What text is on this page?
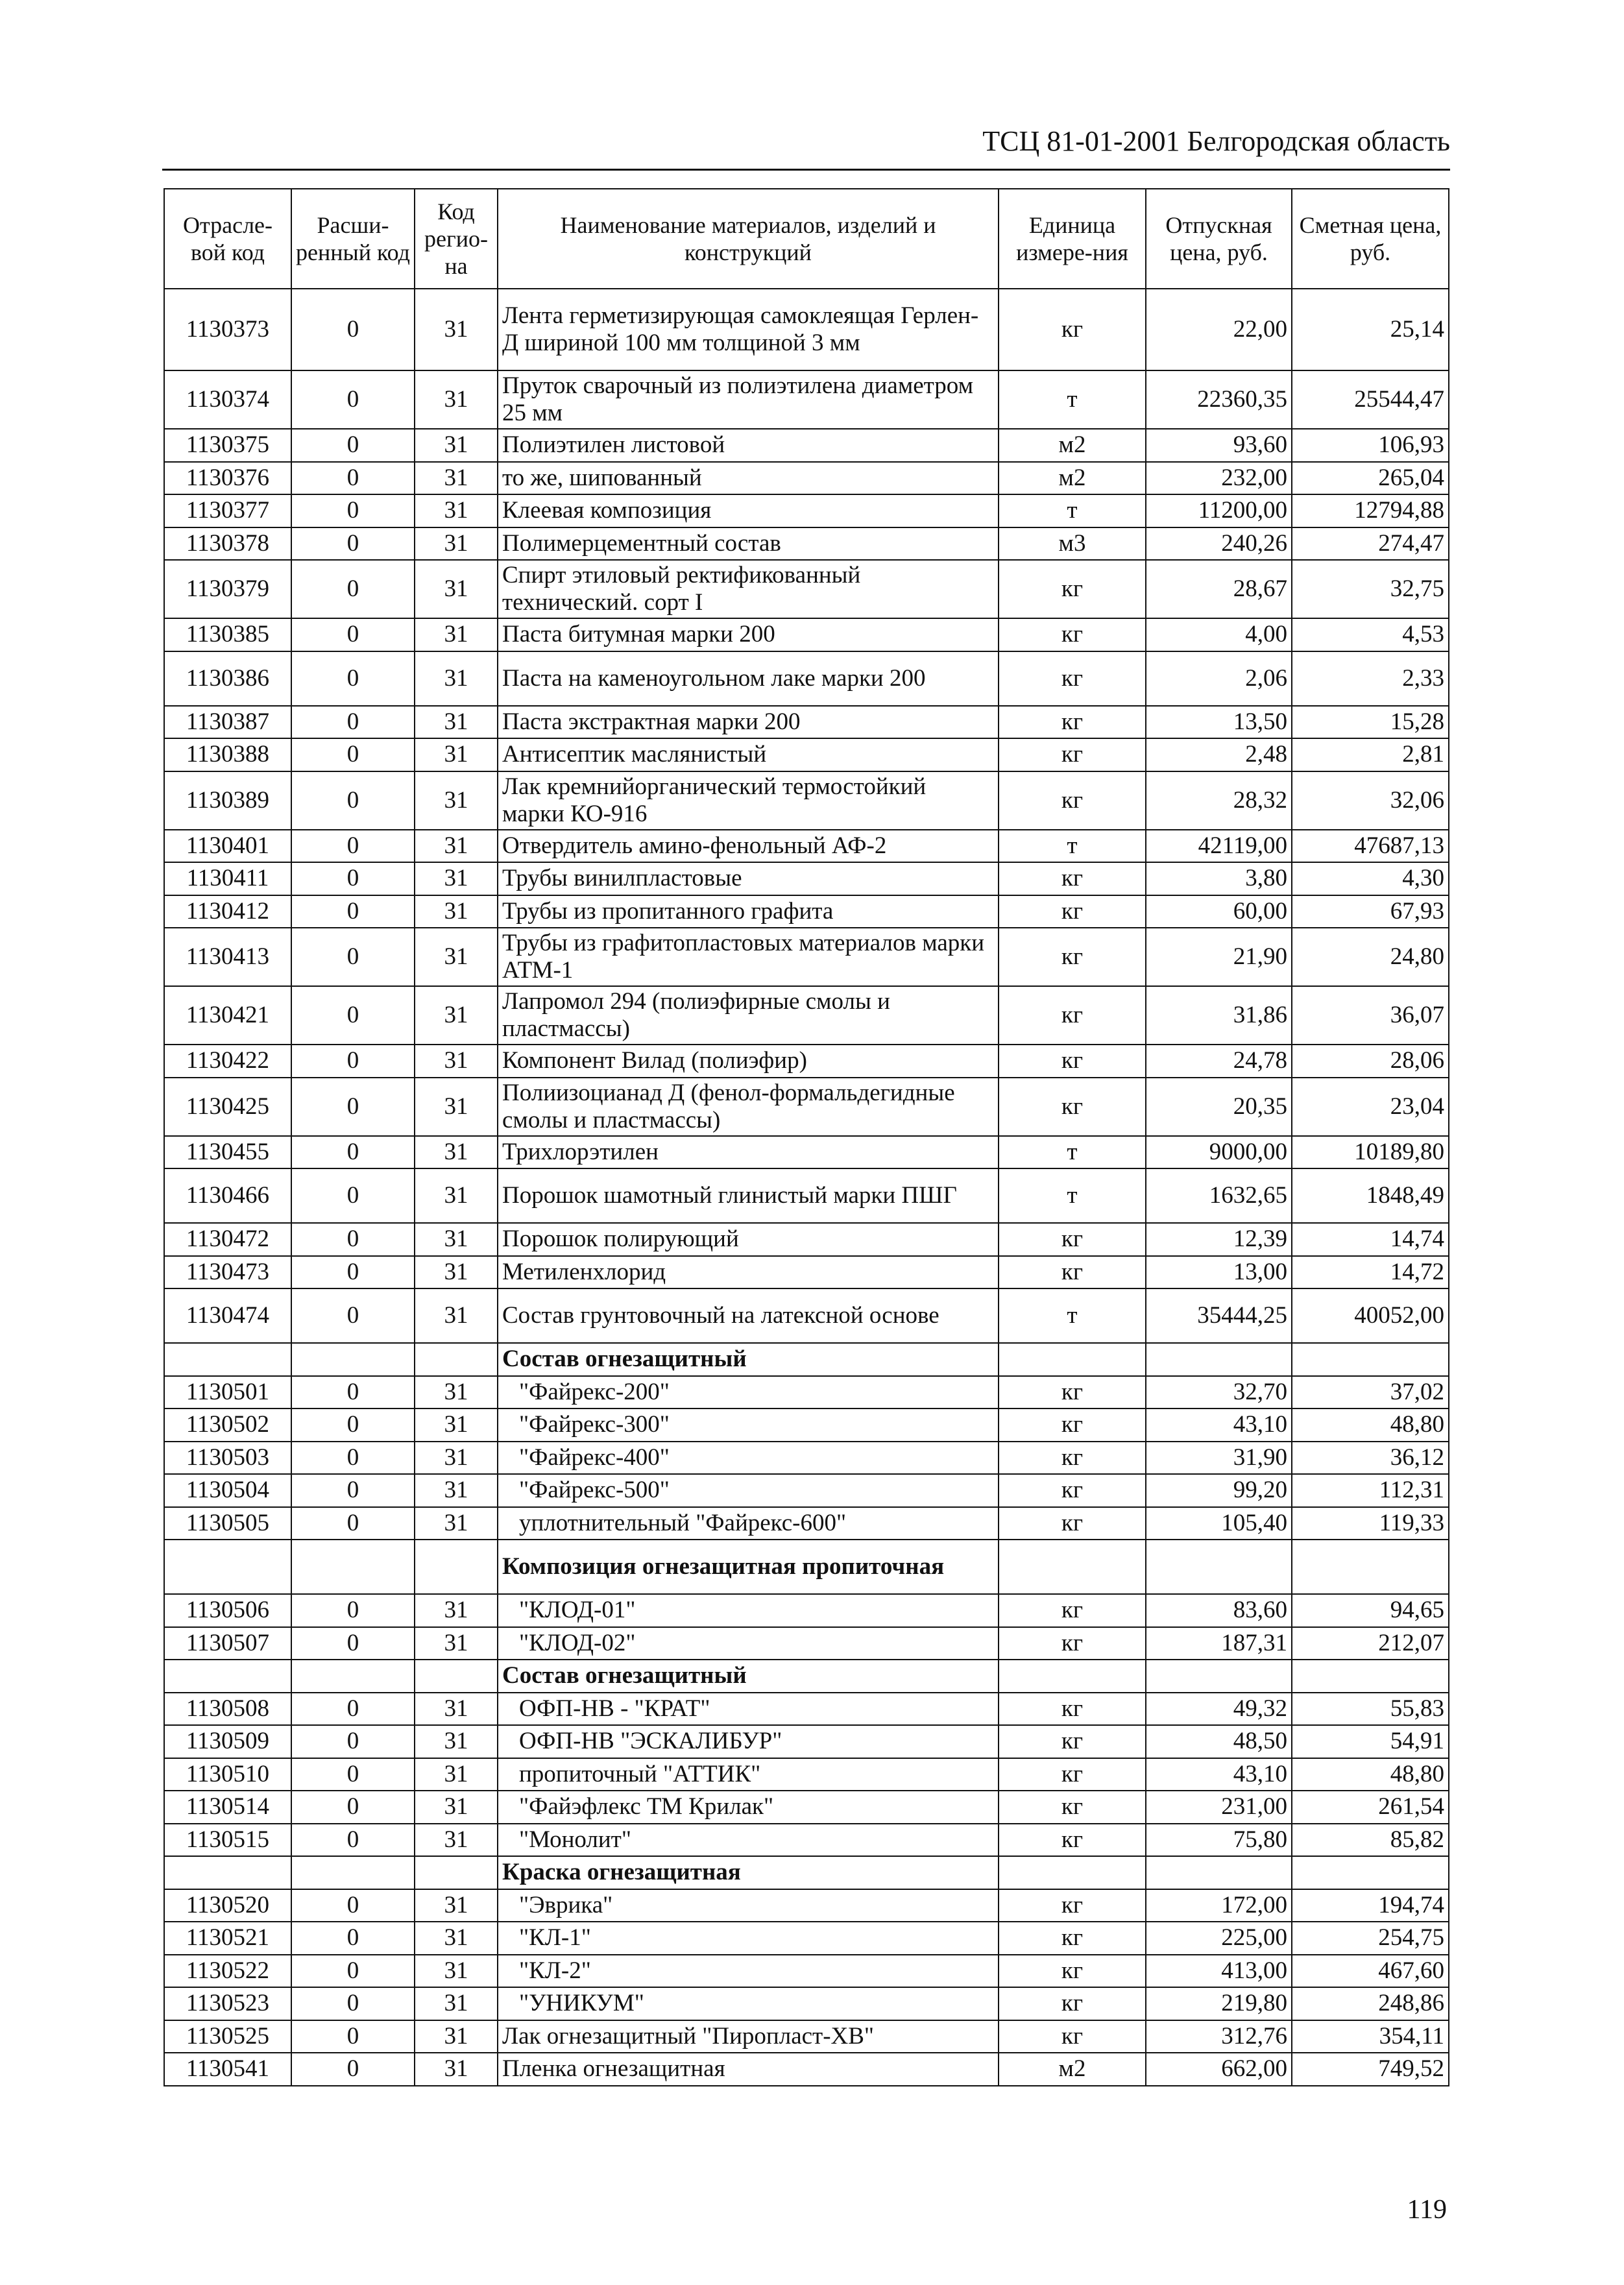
ТСЦ 81-01-2001 Белгородская область
Отрасле-вой код	Расши-ренный код	Код регио-на	Наименование материалов, изделий и конструкций	Единица измере-ния	Отпускная цена, руб.	Сметная цена, руб.
1130373	0	31	Лента герметизирующая самоклеящая Герлен-Д шириной 100 мм толщиной 3 мм	кг	22,00	25,14
1130374	0	31	Пруток сварочный из полиэтилена диаметром 25 мм	т	22360,35	25544,47
1130375	0	31	Полиэтилен листовой	м2	93,60	106,93
1130376	0	31	то же, шипованный	м2	232,00	265,04
1130377	0	31	Клеевая композиция	т	11200,00	12794,88
1130378	0	31	Полимерцементный состав	м3	240,26	274,47
1130379	0	31	Спирт этиловый ректификованный технический. сорт I	кг	28,67	32,75
1130385	0	31	Паста битумная марки 200	кг	4,00	4,53
1130386	0	31	Паста на каменоугольном лаке марки 200	кг	2,06	2,33
1130387	0	31	Паста экстрактная марки 200	кг	13,50	15,28
1130388	0	31	Антисептик маслянистый	кг	2,48	2,81
1130389	0	31	Лак кремнийорганический термостойкий марки КО-916	кг	28,32	32,06
1130401	0	31	Отвердитель амино-фенольный АФ-2	т	42119,00	47687,13
1130411	0	31	Трубы винилпластовые	кг	3,80	4,30
1130412	0	31	Трубы из пропитанного графита	кг	60,00	67,93
1130413	0	31	Трубы из графитопластовых материалов марки АТМ-1	кг	21,90	24,80
1130421	0	31	Лапромол 294 (полиэфирные смолы и пластмассы)	кг	31,86	36,07
1130422	0	31	Компонент Вилад (полиэфир)	кг	24,78	28,06
1130425	0	31	Полиизоцианад Д (фенол-формальдегидные смолы и пластмассы)	кг	20,35	23,04
1130455	0	31	Трихлорэтилен	т	9000,00	10189,80
1130466	0	31	Порошок шамотный глинистый марки ПШГ	т	1632,65	1848,49
1130472	0	31	Порошок полирующий	кг	12,39	14,74
1130473	0	31	Метиленхлорид	кг	13,00	14,72
1130474	0	31	Состав грунтовочный на латексной основе	т	35444,25	40052,00
			Состав огнезащитный			
1130501	0	31	"Файрекс-200"	кг	32,70	37,02
1130502	0	31	"Файрекс-300"	кг	43,10	48,80
1130503	0	31	"Файрекс-400"	кг	31,90	36,12
1130504	0	31	"Файрекс-500"	кг	99,20	112,31
1130505	0	31	уплотнительный "Файрекс-600"	кг	105,40	119,33
			Композиция огнезащитная пропиточная			
1130506	0	31	"КЛОД-01"	кг	83,60	94,65
1130507	0	31	"КЛОД-02"	кг	187,31	212,07
			Состав огнезащитный			
1130508	0	31	ОФП-НВ - "КРАТ"	кг	49,32	55,83
1130509	0	31	ОФП-НВ "ЭСКАЛИБУР"	кг	48,50	54,91
1130510	0	31	пропиточный "АТТИК"	кг	43,10	48,80
1130514	0	31	"Файэфлекс ТМ Крилак"	кг	231,00	261,54
1130515	0	31	"Монолит"	кг	75,80	85,82
			Краска огнезащитная			
1130520	0	31	"Эврика"	кг	172,00	194,74
1130521	0	31	"КЛ-1"	кг	225,00	254,75
1130522	0	31	"КЛ-2"	кг	413,00	467,60
1130523	0	31	"УНИКУМ"	кг	219,80	248,86
1130525	0	31	Лак огнезащитный "Пиропласт-ХВ"	кг	312,76	354,11
1130541	0	31	Пленка огнезащитная	м2	662,00	749,52
119
